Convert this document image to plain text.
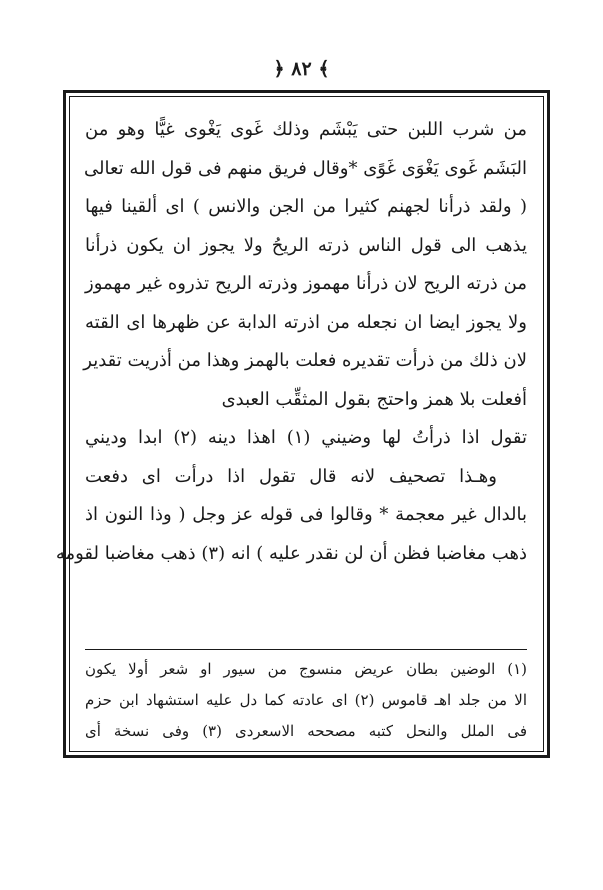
﴿ ٨٢ ﴾
من شرب اللبن حتى يَبْشَم وذلك غَوى يَغْوى غيًّا وهو من
البَشَم غَوى يَغْوَى غَوًى *وقال فريق منهم فى قول الله تعالى
( ولقد ذرأنا لجهنم كثيرا من الجن والانس ) اى ألقينا فيها
يذهب الى قول الناس ذرته الريحُ ولا يجوز ان يكون ذرأنا
من ذرته الريح لان ذرأنا مهموز وذرته الريح تذروه غير مهموز
ولا يجوز ايضا ان نجعله من اذرته الدابة عن ظهرها اى القته
لان ذلك من ذرأت تقديره فعلت بالهمز وهذا من أذريت تقدير
أفعلت بلا همز واحتج بقول المثقِّب العبدى
تقول اذا ذرأتُ لها وضيني (١) اهذا دينه (٢) ابدا وديني
وهـذا تصحيف لانه قال تقول اذا درأت اى دفعت
بالدال غير معجمة * وقالوا فى قوله عز وجل ( وذا النون اذ
ذهب مغاضبا فظن أن لن نقدر عليه ) انه (٣) ذهب مغاضبا لقومه
(١) الوضين بطان عريض منسوج من سيور او شعر أولا يكون
الا من جلد اهـ قاموس (٢) اى عادته كما دل عليه استشهاد ابن حزم
فى الملل والنحل كتبه مصححه الاسعردى (٣) وفى نسخة أى
